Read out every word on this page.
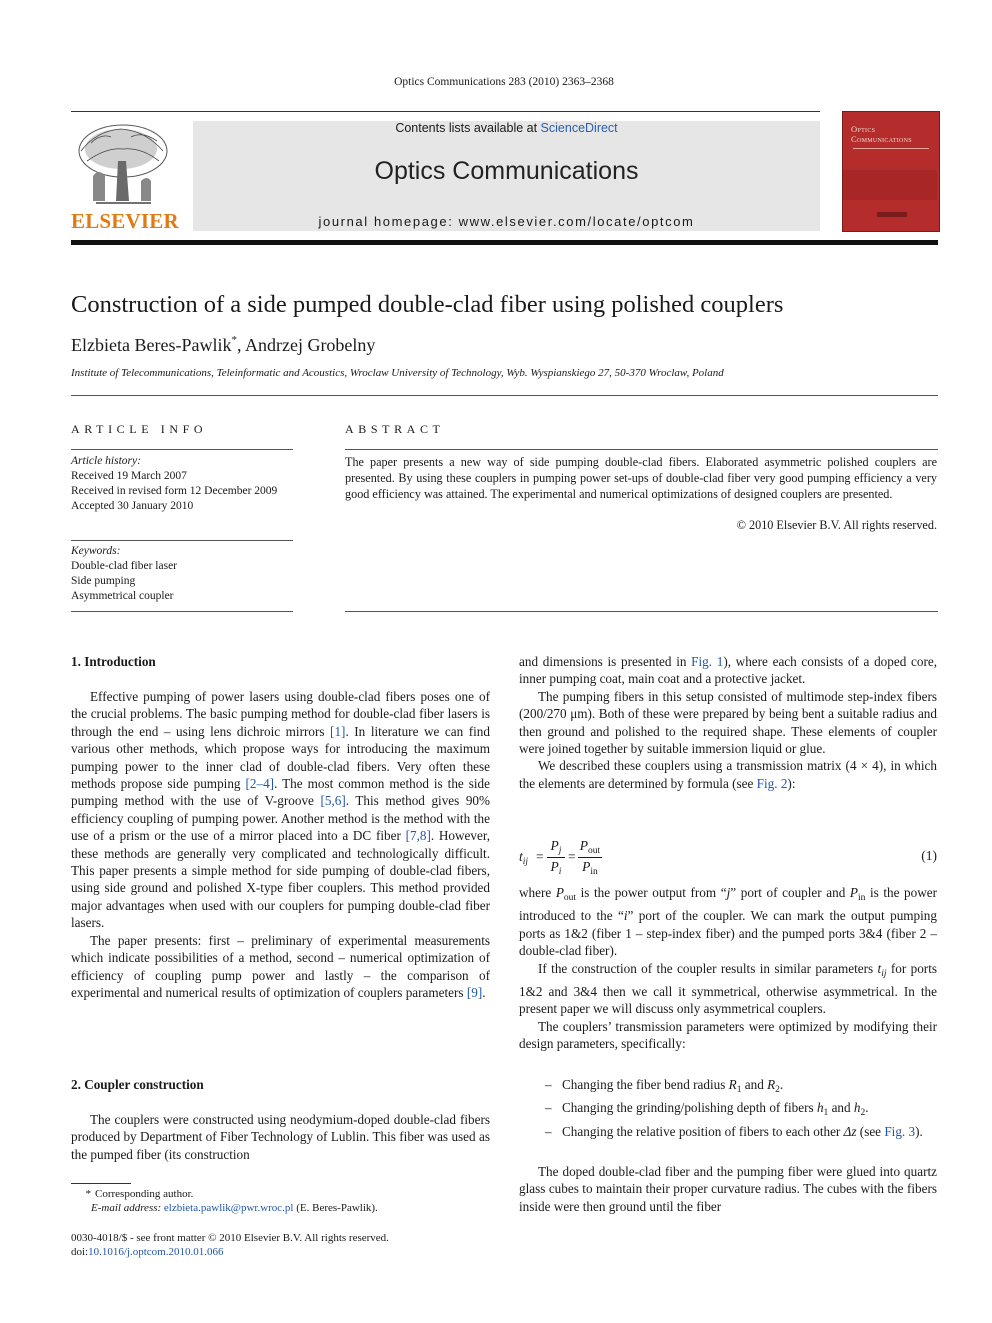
Optics Communications 283 (2010) 2363–2368
ELSEVIER
Contents lists available at ScienceDirect
Optics Communications
journal homepage: www.elsevier.com/locate/optcom
Optics
Communications
Construction of a side pumped double-clad fiber using polished couplers
Elzbieta Beres-Pawlik*, Andrzej Grobelny
Institute of Telecommunications, Teleinformatic and Acoustics, Wroclaw University of Technology, Wyb. Wyspianskiego 27, 50-370 Wroclaw, Poland
ARTICLE INFO
Article history:
Received 19 March 2007
Received in revised form 12 December 2009
Accepted 30 January 2010
Keywords:
Double-clad fiber laser
Side pumping
Asymmetrical coupler
ABSTRACT
The paper presents a new way of side pumping double-clad fibers. Elaborated asymmetric polished couplers are presented. By using these couplers in pumping power set-ups of double-clad fiber very good pumping efficiency a very good efficiency was attained. The experimental and numerical optimizations of designed couplers are presented.
© 2010 Elsevier B.V. All rights reserved.
1. Introduction

Effective pumping of power lasers using double-clad fibers poses one of the crucial problems. The basic pumping method for double-clad fiber lasers is through the end – using lens dichroic mirrors [1]. In literature we can find various other methods, which propose ways for introducing the maximum pumping power to the inner clad of double-clad fibers. Very often these methods propose side pumping [2–4]. The most common method is the side pumping method with the use of V-groove [5,6]. This method gives 90% efficiency coupling of pumping power. Another method is the method with the use of a prism or the use of a mirror placed into a DC fiber [7,8]. However, these methods are generally very complicated and technologically difficult. This paper presents a simple method for side pumping of double-clad fibers, using side ground and polished X-type fiber couplers. This method provided major advantages when used with our couplers for pumping double-clad fiber lasers.

The paper presents: first – preliminary of experimental measurements which indicate possibilities of a method, second – numerical optimization of efficiency of coupling pump power and lastly – the comparison of experimental and numerical results of optimization of couplers parameters [9].

2. Coupler construction

The couplers were constructed using neodymium-doped double-clad fibers produced by Department of Fiber Technology of Lublin. This fiber was used as the pumped fiber (its construction

and dimensions is presented in Fig. 1), where each consists of a doped core, inner pumping coat, main coat and a protective jacket.

The pumping fibers in this setup consisted of multimode step-index fibers (200/270 μm). Both of these were prepared by being bent a suitable radius and then ground and polished to the required shape. These elements of coupler were joined together by suitable immersion liquid or glue.

We described these couplers using a transmission matrix (4 × 4), in which the elements are determined by formula (see Fig. 2):

$t_{ij}$ =
$P_j$
$P_i$
=
$P_{out}$
$P_{in}$
(1)

where $P_{out}$ is the power output from “j” port of coupler and $P_{in}$ is the power introduced to the “i” port of the coupler. We can mark the output pumping ports as 1&2 (fiber 1 – step-index fiber) and the pumped ports 3&4 (fiber 2 – double-clad fiber).

If the construction of the coupler results in similar parameters $t_{ij}$ for ports 1&2 and 3&4 then we call it symmetrical, otherwise asymmetrical. In the present paper we will discuss only asymmetrical couplers.

The couplers’ transmission parameters were optimized by modifying their design parameters, specifically:

– Changing the fiber bend radius $R_1$ and $R_2$.
– Changing the grinding/polishing depth of fibers $h_1$ and $h_2$.
– Changing the relative position of fibers to each other Δz (see Fig. 3).

The doped double-clad fiber and the pumping fiber were glued into quartz glass cubes to maintain their proper curvature radius. The cubes with the fibers inside were then ground until the fiber

* Corresponding author.
E-mail address: elzbieta.pawlik@pwr.wroc.pl (E. Beres-Pawlik).
0030-4018/$ - see front matter © 2010 Elsevier B.V. All rights reserved.
doi:10.1016/j.optcom.2010.01.066
